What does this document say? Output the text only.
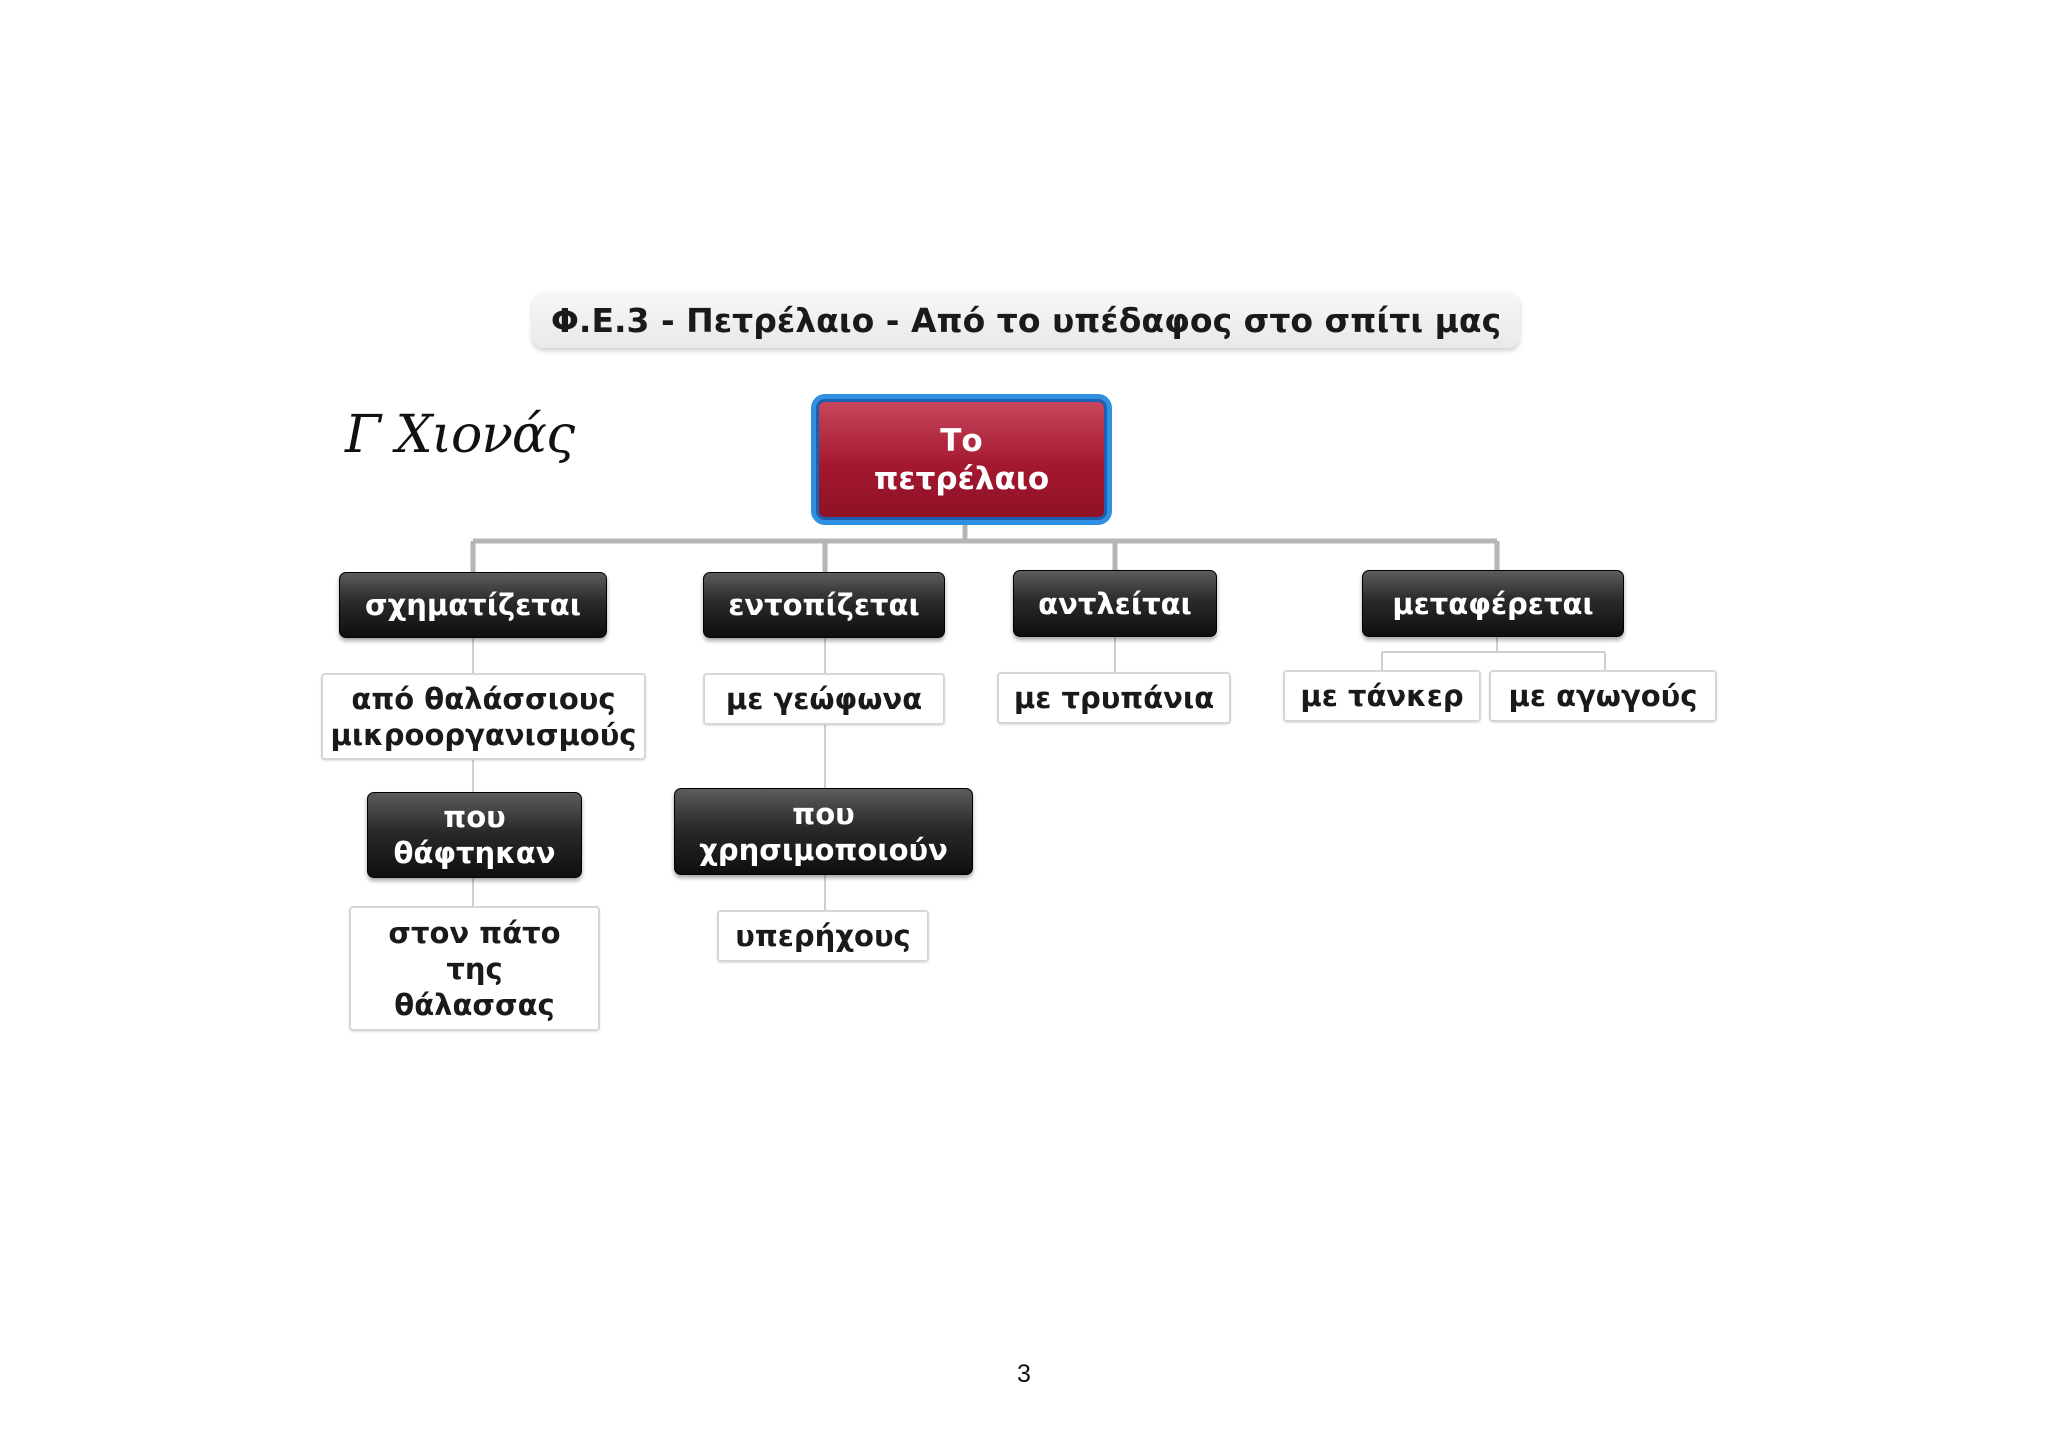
Φ.Ε.3 - Πετρέλαιο - Από το υπέδαφος στο σπίτι μας
Γ Χιονάς	Το
πετρέλαιο
σχηματίζεται
από θαλάσσιους
μικροοργανισμούς
που
θάφτηκαν
στον πάτο
της
θάλασσας
εντοπίζεται
με γεώφωνα
που
χρησιμοποιούν
υπερήχους
αντλείται
με τρυπάνια
μεταφέρεται
με τάνκερ	με αγωγούς
3
